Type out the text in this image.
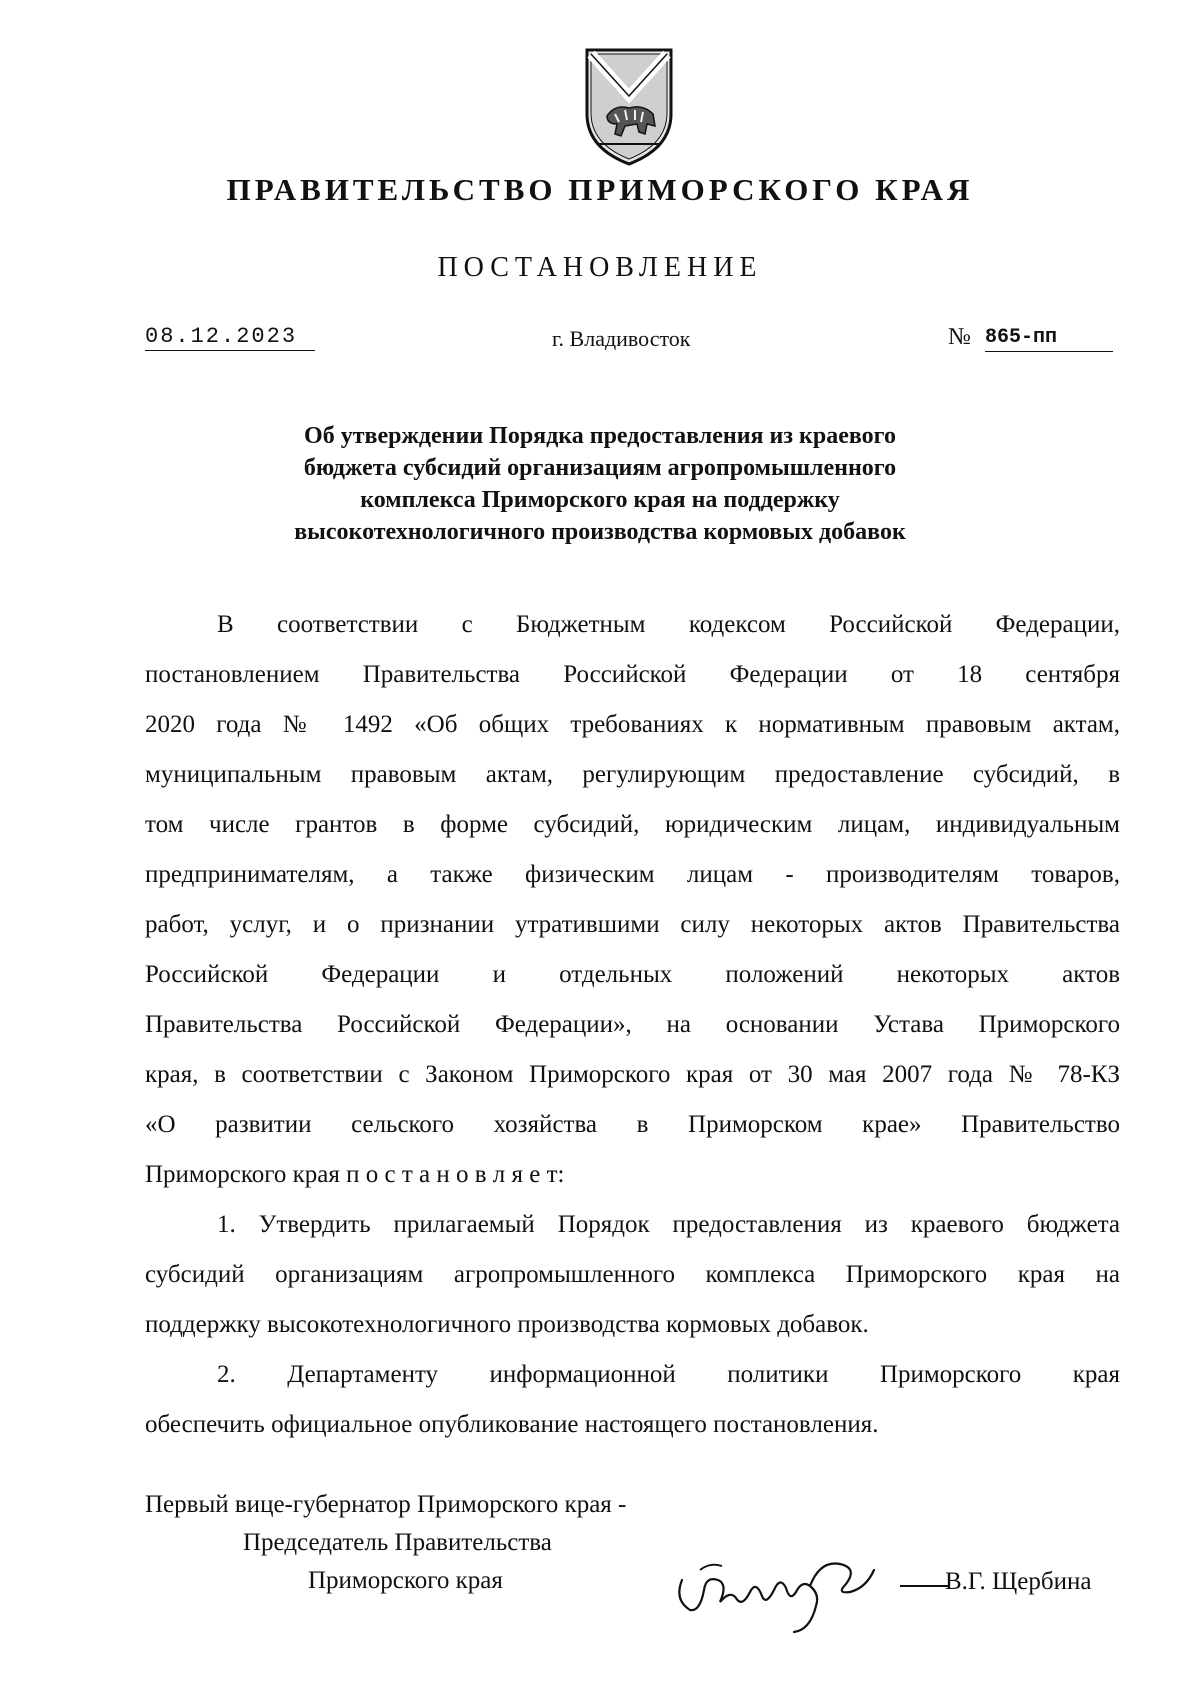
ПРАВИТЕЛЬСТВО ПРИМОРСКОГО КРАЯ
ПОСТАНОВЛЕНИЕ
08.12.2023	г. Владивосток	№ 865-пп
Об утверждении Порядка предоставления из краевого
бюджета субсидий организациям агропромышленного
комплекса Приморского края на поддержку
высокотехнологичного производства кормовых добавок
В соответствии с Бюджетным кодексом Российской Федерации,
постановлением Правительства Российской Федерации от 18 сентября
2020 года № 1492 «Об общих требованиях к нормативным правовым актам,
муниципальным правовым актам, регулирующим предоставление субсидий, в
том числе грантов в форме субсидий, юридическим лицам, индивидуальным
предпринимателям, а также физическим лицам - производителям товаров,
работ, услуг, и о признании утратившими силу некоторых актов Правительства
Российской Федерации и отдельных положений некоторых актов
Правительства Российской Федерации», на основании Устава Приморского
края, в соответствии с Законом Приморского края от 30 мая 2007 года № 78-КЗ
«О развитии сельского хозяйства в Приморском крае» Правительство
Приморского края п о с т а н о в л я е т:
1. Утвердить прилагаемый Порядок предоставления из краевого бюджета
субсидий организациям агропромышленного комплекса Приморского края на
поддержку высокотехнологичного производства кормовых добавок.
2. Департаменту информационной политики Приморского края
обеспечить официальное опубликование настоящего постановления.
Первый вице-губернатор Приморского края -
Председатель Правительства
Приморского края	В.Г. Щербина
